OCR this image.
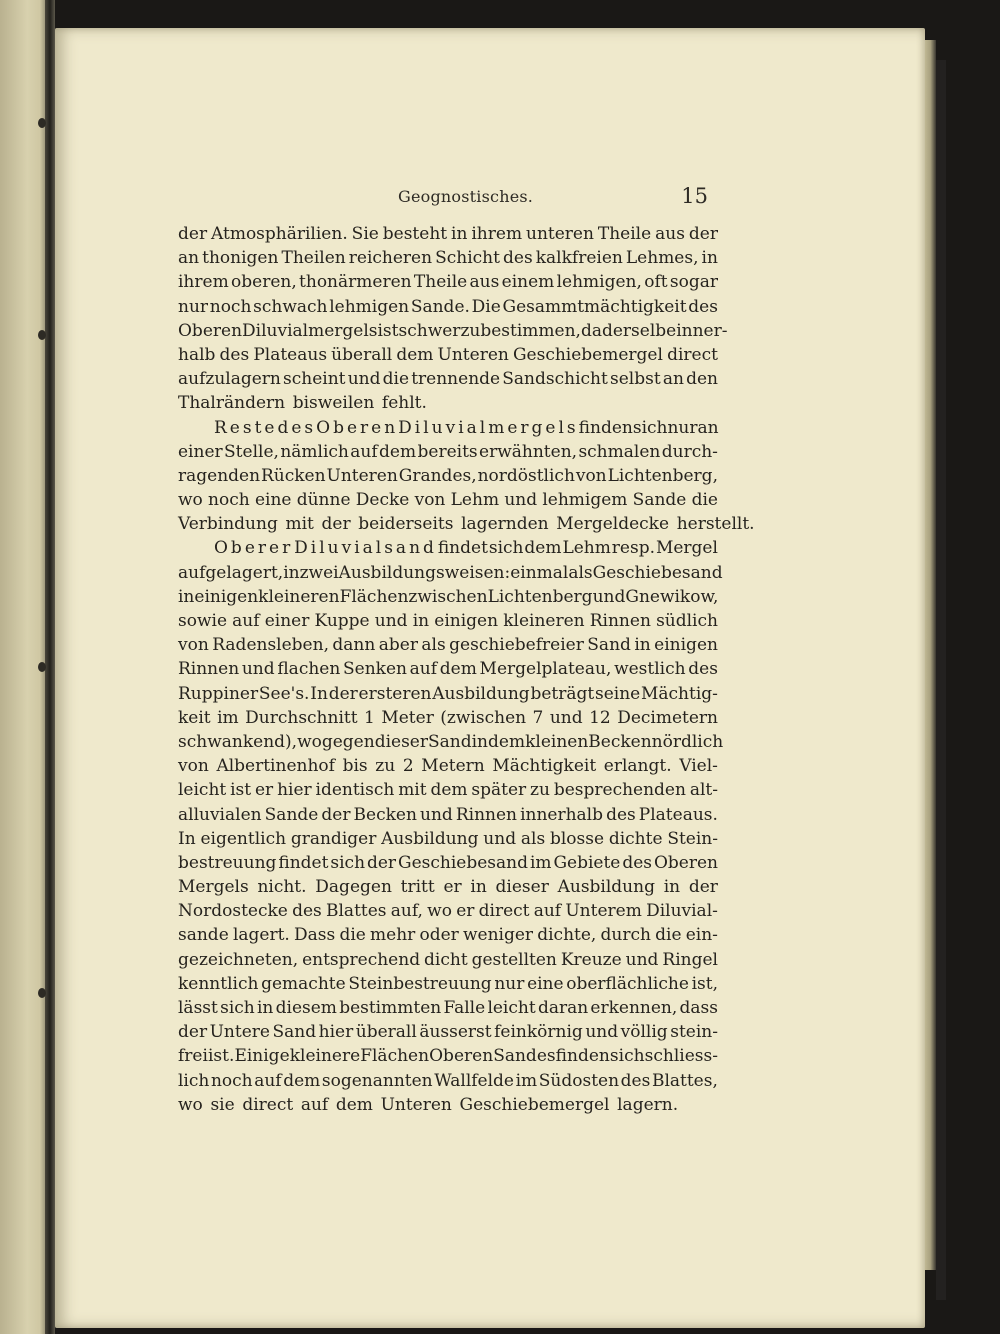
Geognostisches.	15
der Atmosphärilien. Sie besteht in ihrem unteren Theile aus der
an thonigen Theilen reicheren Schicht des kalkfreien Lehmes, in
ihrem oberen, thonärmeren Theile aus einem lehmigen, oft sogar
nur noch schwach lehmigen Sande. Die Gesammtmächtigkeit des
Oberen Diluvialmergels ist schwer zu bestimmen, da derselbe inner-
halb des Plateaus überall dem Unteren Geschiebemergel direct
aufzulagern scheint und die trennende Sandschicht selbst an den
Thalrändern bisweilen fehlt.
Reste des Oberen Diluvialmergels finden sich nur an
einer Stelle, nämlich auf dem bereits erwähnten, schmalen durch-
ragenden Rücken Unteren Grandes, nordöstlich von Lichtenberg,
wo noch eine dünne Decke von Lehm und lehmigem Sande die
Verbindung mit der beiderseits lagernden Mergeldecke herstellt.
Oberer Diluvialsand findet sich dem Lehm resp. Mergel
aufgelagert, in zwei Ausbildungsweisen: einmal als Geschiebesand
in einigen kleineren Flächen zwischen Lichtenberg und Gnewikow,
sowie auf einer Kuppe und in einigen kleineren Rinnen südlich
von Radensleben, dann aber als geschiebefreier Sand in einigen
Rinnen und flachen Senken auf dem Mergelplateau, westlich des
Ruppiner See's. In der ersteren Ausbildung beträgt seine Mächtig-
keit im Durchschnitt 1 Meter (zwischen 7 und 12 Decimetern
schwankend), wogegen dieser Sand in dem kleinen Becken nördlich
von Albertinenhof bis zu 2 Metern Mächtigkeit erlangt. Viel-
leicht ist er hier identisch mit dem später zu besprechenden alt-
alluvialen Sande der Becken und Rinnen innerhalb des Plateaus.
In eigentlich grandiger Ausbildung und als blosse dichte Stein-
bestreuung findet sich der Geschiebesand im Gebiete des Oberen
Mergels nicht. Dagegen tritt er in dieser Ausbildung in der
Nordostecke des Blattes auf, wo er direct auf Unterem Diluvial-
sande lagert. Dass die mehr oder weniger dichte, durch die ein-
gezeichneten, entsprechend dicht gestellten Kreuze und Ringel
kenntlich gemachte Steinbestreuung nur eine oberflächliche ist,
lässt sich in diesem bestimmten Falle leicht daran erkennen, dass
der Untere Sand hier überall äusserst feinkörnig und völlig stein-
frei ist. Einige kleinere Flächen Oberen Sandes finden sich schliess-
lich noch auf dem sogenannten Wallfelde im Südosten des Blattes,
wo sie direct auf dem Unteren Geschiebemergel lagern.
